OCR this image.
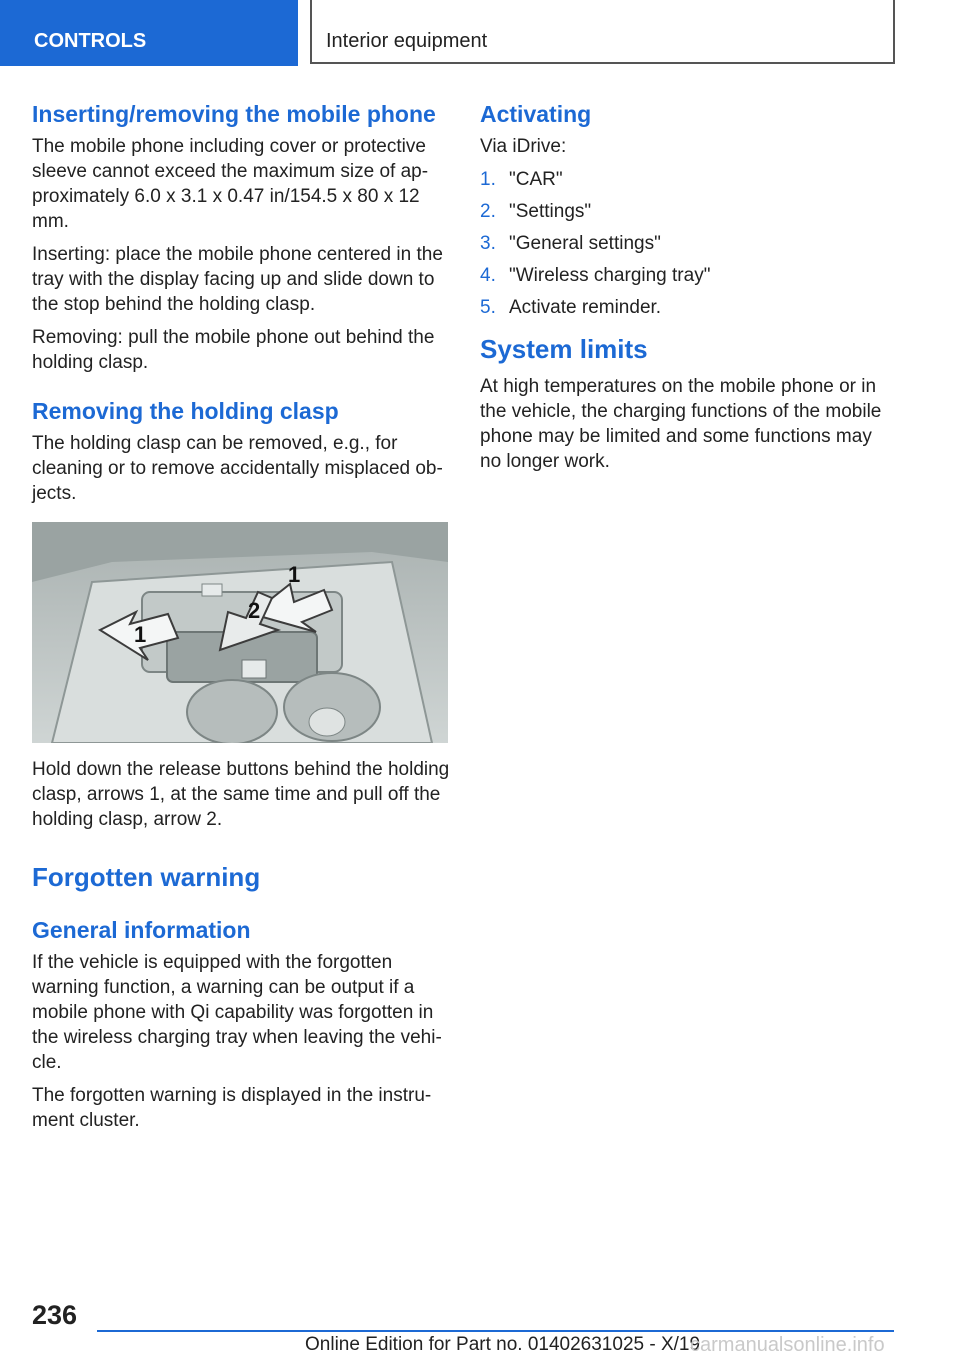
CONTROLS	Interior equipment
Inserting/removing the mobile phone

The mobile phone including cover or protective sleeve cannot exceed the maximum size of approximately 6.0 x 3.1 x 0.47 in/154.5 x 80 x 12 mm.

Inserting: place the mobile phone centered in the tray with the display facing up and slide down to the stop behind the holding clasp.

Removing: pull the mobile phone out behind the holding clasp.

Removing the holding clasp

The holding clasp can be removed, e.g., for cleaning or to remove accidentally misplaced objects.

1
2
1

Hold down the release buttons behind the holding clasp, arrows 1, at the same time and pull off the holding clasp, arrow 2.

Forgotten warning
General information

If the vehicle is equipped with the forgotten warning function, a warning can be output if a mobile phone with Qi capability was forgotten in the wireless charging tray when leaving the vehicle.

The forgotten warning is displayed in the instrument cluster.

Activating

Via iDrive:

1. "CAR"
2. "Settings"
3. "General settings"
4. "Wireless charging tray"
5. Activate reminder.
System limits

At high temperatures on the mobile phone or in the vehicle, the charging functions of the mobile phone may be limited and some functions may no longer work.

236
Online Edition for Part no. 01402631025 - X/19
carmanualsonline.info
